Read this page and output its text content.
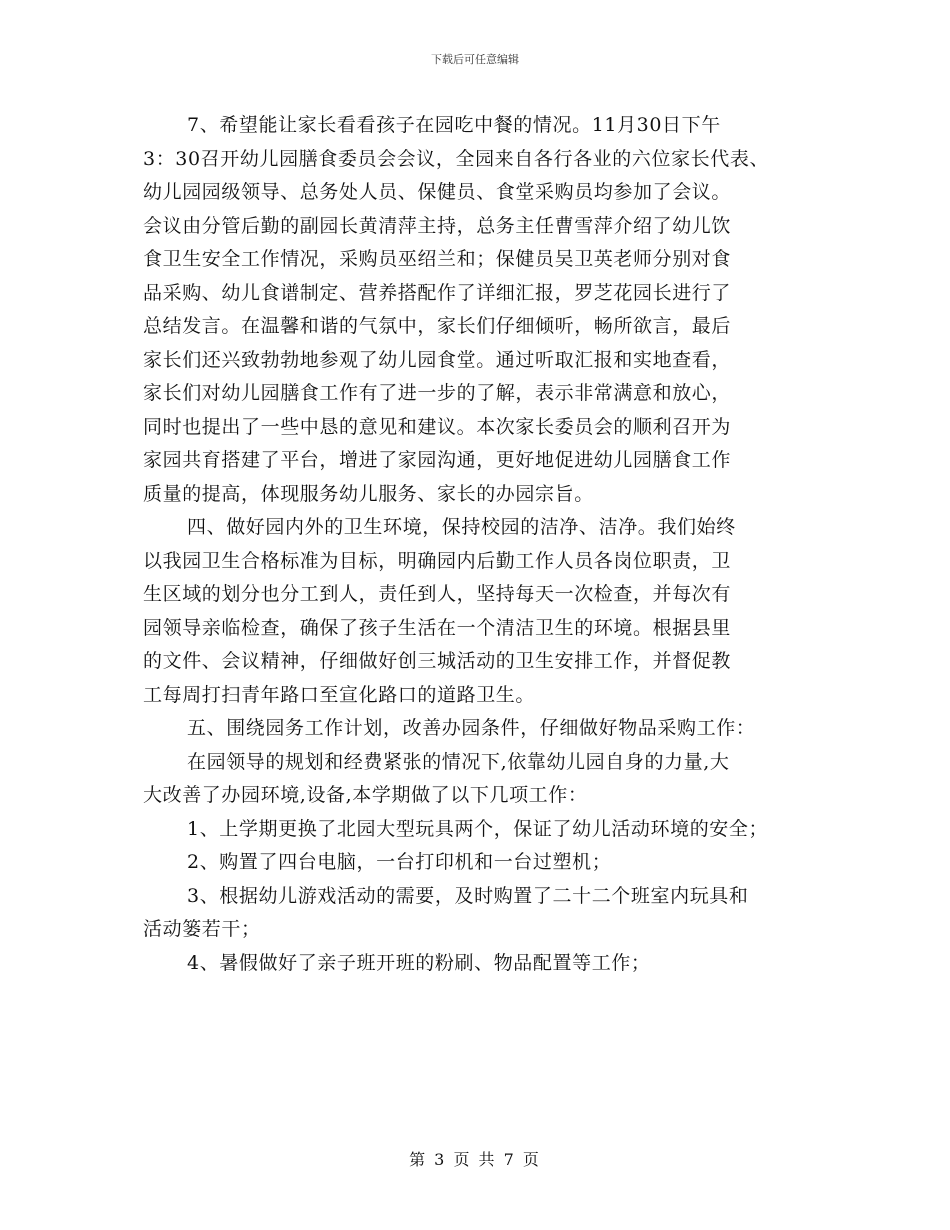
下载后可任意编辑
7、希望能让家长看看孩子在园吃中餐的情况。11月30日下午
3：30召开幼儿园膳食委员会会议，全园来自各行各业的六位家长代表、
幼儿园园级领导、总务处人员、保健员、食堂采购员均参加了会议。
会议由分管后勤的副园长黄清萍主持，总务主任曹雪萍介绍了幼儿饮
食卫生安全工作情况，采购员巫绍兰和；保健员吴卫英老师分别对食
品采购、幼儿食谱制定、营养搭配作了详细汇报，罗芝花园长进行了
总结发言。在温馨和谐的气氛中，家长们仔细倾听，畅所欲言，最后
家长们还兴致勃勃地参观了幼儿园食堂。通过听取汇报和实地查看，
家长们对幼儿园膳食工作有了进一步的了解，表示非常满意和放心，
同时也提出了一些中恳的意见和建议。本次家长委员会的顺利召开为
家园共育搭建了平台，增进了家园沟通，更好地促进幼儿园膳食工作
质量的提高，体现服务幼儿服务、家长的办园宗旨。
四、做好园内外的卫生环境，保持校园的洁净、洁净。我们始终
以我园卫生合格标准为目标，明确园内后勤工作人员各岗位职责，卫
生区域的划分也分工到人，责任到人，坚持每天一次检查，并每次有
园领导亲临检查，确保了孩子生活在一个清洁卫生的环境。根据县里
的文件、会议精神，仔细做好创三城活动的卫生安排工作，并督促教
工每周打扫青年路口至宣化路口的道路卫生。
五、围绕园务工作计划，改善办园条件，仔细做好物品采购工作：
在园领导的规划和经费紧张的情况下,依靠幼儿园自身的力量,大
大改善了办园环境,设备,本学期做了以下几项工作：
1、上学期更换了北园大型玩具两个，保证了幼儿活动环境的安全；
2、购置了四台电脑，一台打印机和一台过塑机；
3、根据幼儿游戏活动的需要，及时购置了二十二个班室内玩具和
活动篓若干；
4、暑假做好了亲子班开班的粉刷、物品配置等工作；
第 3 页 共 7 页
